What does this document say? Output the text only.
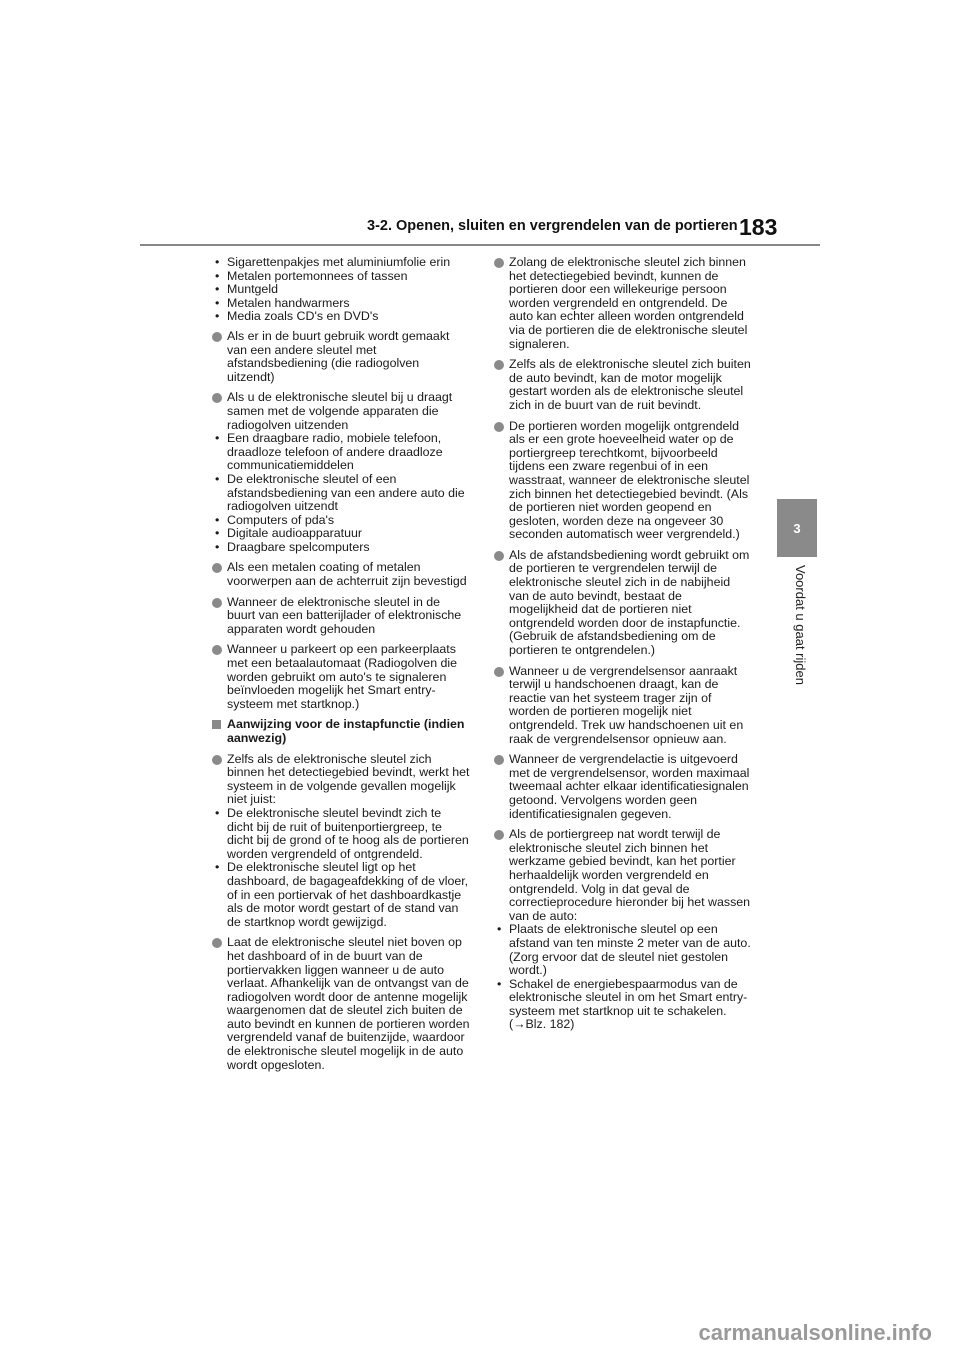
3-2. Openen, sluiten en vergrendelen van de portieren 183
3
Voordat u gaat rijden
• Sigarettenpakjes met aluminiumfolie erin
• Metalen portemonnees of tassen
• Muntgeld
• Metalen handwarmers
• Media zoals CD's en DVD's
Als er in de buurt gebruik wordt gemaakt van een andere sleutel met afstandsbediening (die radiogolven uitzendt)
Als u de elektronische sleutel bij u draagt samen met de volgende apparaten die radiogolven uitzenden
• Een draagbare radio, mobiele telefoon, draadloze telefoon of andere draadloze communicatiemiddelen
• De elektronische sleutel of een afstandsbediening van een andere auto die radiogolven uitzendt
• Computers of pda's
• Digitale audioapparatuur
• Draagbare spelcomputers
Als een metalen coating of metalen voorwerpen aan de achterruit zijn bevestigd
Wanneer de elektronische sleutel in de buurt van een batterijlader of elektronische apparaten wordt gehouden
Wanneer u parkeert op een parkeerplaats met een betaalautomaat (Radiogolven die worden gebruikt om auto's te signaleren beïnvloeden mogelijk het Smart entry-systeem met startknop.)
Aanwijzing voor de instapfunctie (indien aanwezig)
Zelfs als de elektronische sleutel zich binnen het detectiegebied bevindt, werkt het systeem in de volgende gevallen mogelijk niet juist:
• De elektronische sleutel bevindt zich te dicht bij de ruit of buitenportiergreep, te dicht bij de grond of te hoog als de portieren worden vergrendeld of ontgrendeld.
• De elektronische sleutel ligt op het dashboard, de bagageafdekking of de vloer, of in een portiervak of het dashboardkastje als de motor wordt gestart of de stand van de startknop wordt gewijzigd.
Laat de elektronische sleutel niet boven op het dashboard of in de buurt van de portiervakken liggen wanneer u de auto verlaat. Afhankelijk van de ontvangst van de radiogolven wordt door de antenne mogelijk waargenomen dat de sleutel zich buiten de auto bevindt en kunnen de portieren worden vergrendeld vanaf de buitenzijde, waardoor de elektronische sleutel mogelijk in de auto wordt opgesloten.
Zolang de elektronische sleutel zich binnen het detectiegebied bevindt, kunnen de portieren door een willekeurige persoon worden vergrendeld en ontgrendeld. De auto kan echter alleen worden ontgrendeld via de portieren die de elektronische sleutel signaleren.
Zelfs als de elektronische sleutel zich buiten de auto bevindt, kan de motor mogelijk gestart worden als de elektronische sleutel zich in de buurt van de ruit bevindt.
De portieren worden mogelijk ontgrendeld als er een grote hoeveelheid water op de portiergreep terechtkomt, bijvoorbeeld tijdens een zware regenbui of in een wasstraat, wanneer de elektronische sleutel zich binnen het detectiegebied bevindt. (Als de portieren niet worden geopend en gesloten, worden deze na ongeveer 30 seconden automatisch weer vergrendeld.)
Als de afstandsbediening wordt gebruikt om de portieren te vergrendelen terwijl de elektronische sleutel zich in de nabijheid van de auto bevindt, bestaat de mogelijkheid dat de portieren niet ontgrendeld worden door de instapfunctie. (Gebruik de afstandsbediening om de portieren te ontgrendelen.)
Wanneer u de vergrendelsensor aanraakt terwijl u handschoenen draagt, kan de reactie van het systeem trager zijn of worden de portieren mogelijk niet ontgrendeld. Trek uw handschoenen uit en raak de vergrendelsensor opnieuw aan.
Wanneer de vergrendelactie is uitgevoerd met de vergrendelsensor, worden maximaal tweemaal achter elkaar identificatiesignalen getoond. Vervolgens worden geen identificatiesignalen gegeven.
Als de portiergreep nat wordt terwijl de elektronische sleutel zich binnen het werkzame gebied bevindt, kan het portier herhaaldelijk worden vergrendeld en ontgrendeld. Volg in dat geval de correctieprocedure hieronder bij het wassen van de auto:
• Plaats de elektronische sleutel op een afstand van ten minste 2 meter van de auto. (Zorg ervoor dat de sleutel niet gestolen wordt.)
• Schakel de energiebespaarmodus van de elektronische sleutel in om het Smart entry-systeem met startknop uit te schakelen. (→Blz. 182)
carmanualsonline.info
